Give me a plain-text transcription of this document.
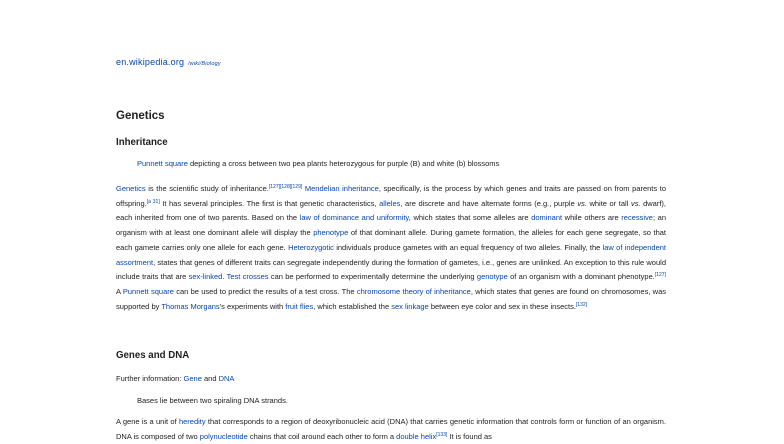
en.wikipedia.org /wiki/Biology
Genetics
Inheritance
Punnett square depicting a cross between two pea plants heterozygous for purple (B) and white (b) blossoms
Genetics is the scientific study of inheritance.[127][128][129] Mendelian inheritance, specifically, is the process by which genes and traits are passed on from parents to offspring.[a 31] It has several principles. The first is that genetic characteristics, alleles, are discrete and have alternate forms (e.g., purple vs. white or tall vs. dwarf), each inherited from one of two parents. Based on the law of dominance and uniformity, which states that some alleles are dominant while others are recessive; an organism with at least one dominant allele will display the phenotype of that dominant allele. During gamete formation, the alleles for each gene segregate, so that each gamete carries only one allele for each gene. Heterozygotic individuals produce gametes with an equal frequency of two alleles. Finally, the law of independent assortment, states that genes of different traits can segregate independently during the formation of gametes, i.e., genes are unlinked. An exception to this rule would include traits that are sex-linked. Test crosses can be performed to experimentally determine the underlying genotype of an organism with a dominant phenotype.[127] A Punnett square can be used to predict the results of a test cross. The chromosome theory of inheritance, which states that genes are found on chromosomes, was supported by Thomas Morgans's experiments with fruit flies, which established the sex linkage between eye color and sex in these insects.[132]
Genes and DNA
Further information: Gene and DNA
Bases lie between two spiraling DNA strands.
A gene is a unit of heredity that corresponds to a region of deoxyribonucleic acid (DNA) that carries genetic information that controls form or function of an organism. DNA is composed of two polynucleotide chains that coil around each other to form a double helix[133] It is found as
